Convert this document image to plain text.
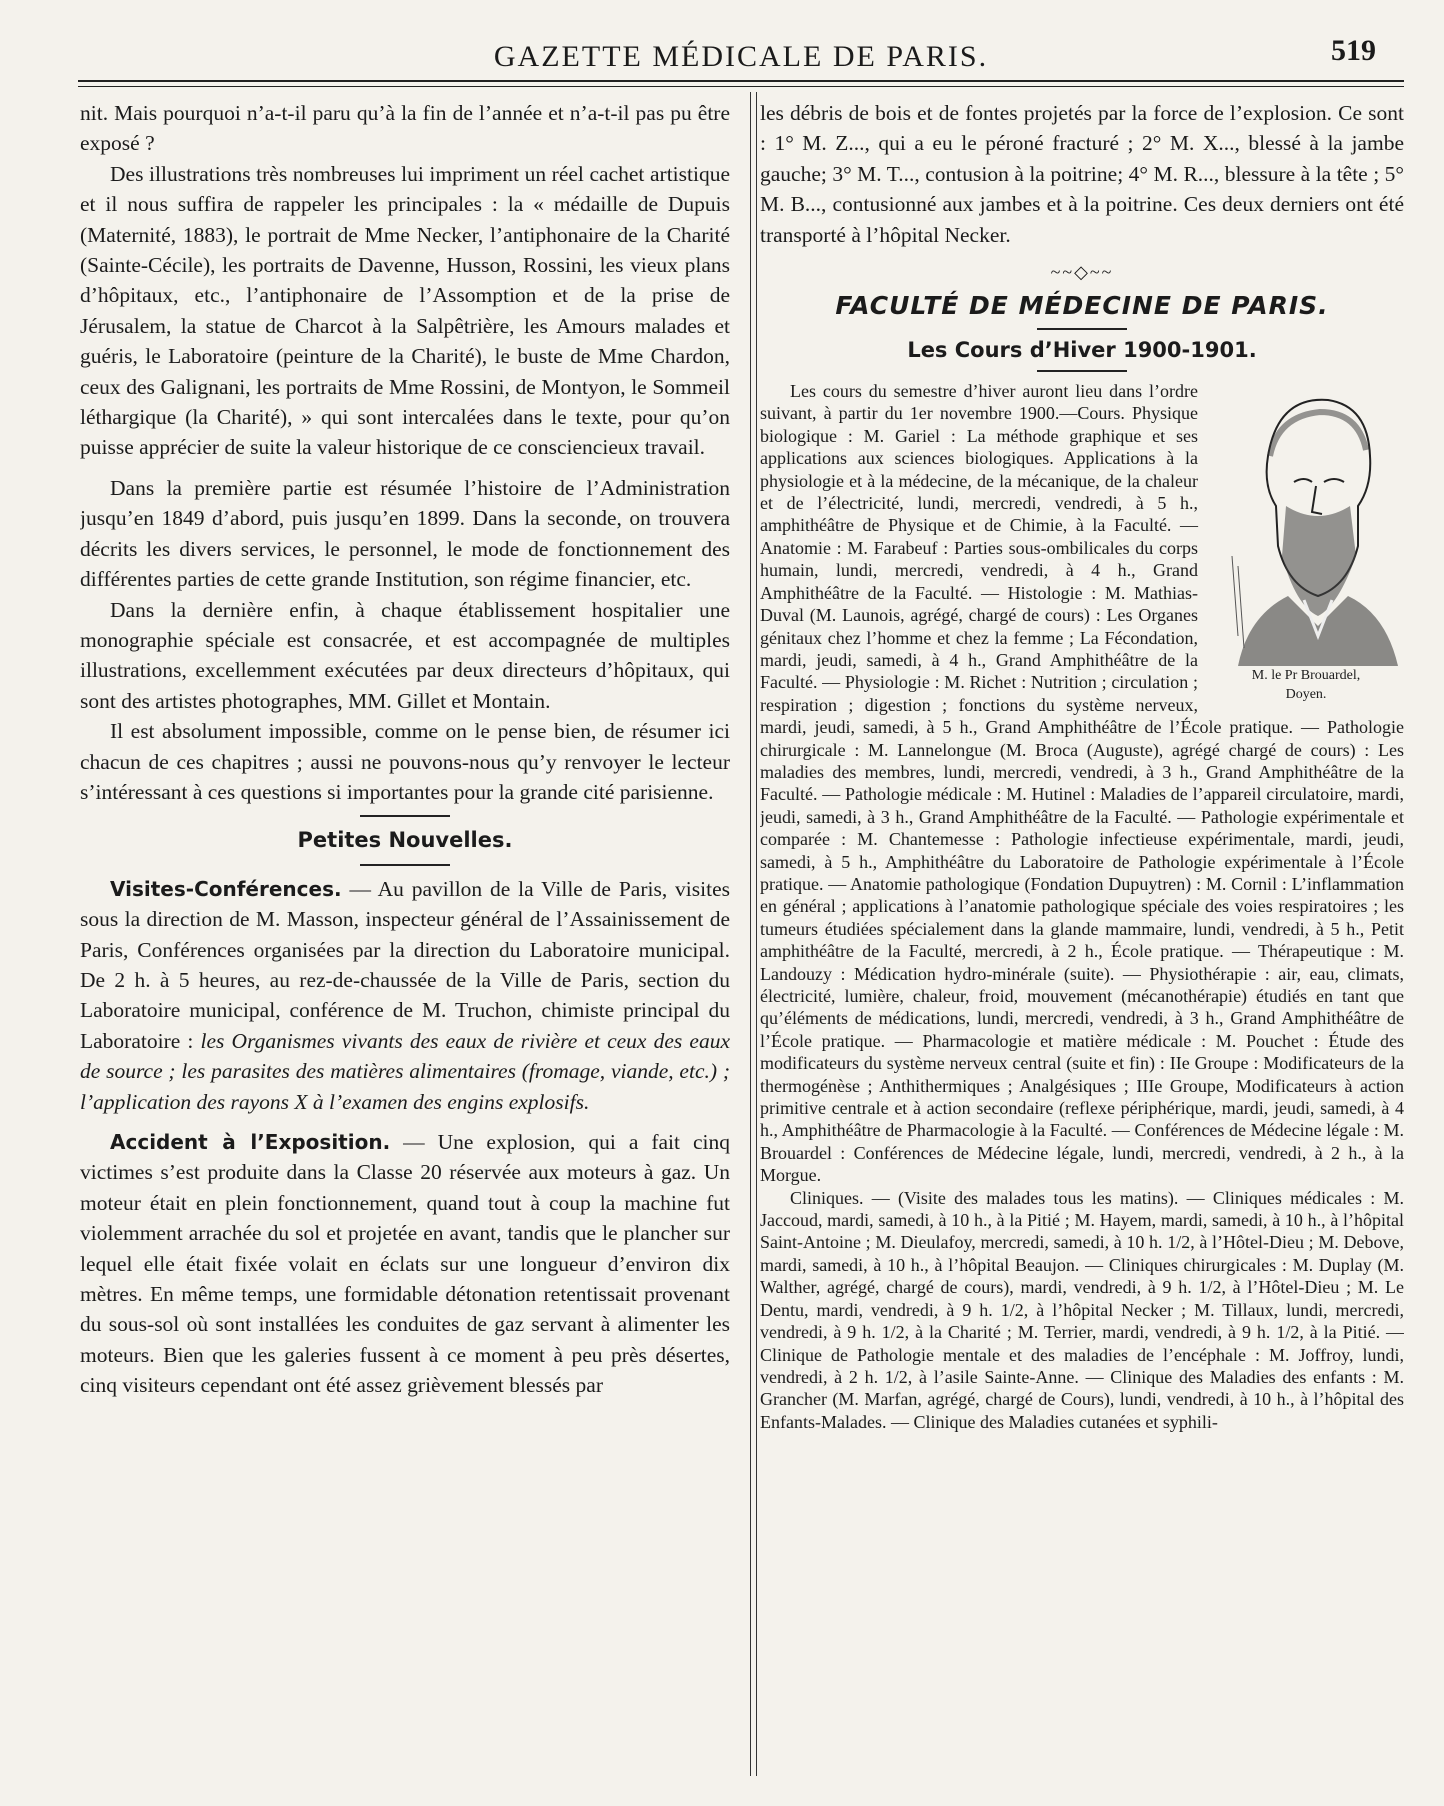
GAZETTE MÉDICALE DE PARIS.	519

nit. Mais pourquoi n’a-t-il paru qu’à la fin de l’année et n’a-t-il pas pu être exposé ?

Des illustrations très nombreuses lui impriment un réel cachet artistique et il nous suffira de rappeler les principales : la « médaille de Dupuis (Maternité, 1883), le portrait de Mme Necker, l’antiphonaire de la Charité (Sainte-Cécile), les portraits de Davenne, Husson, Rossini, les vieux plans d’hôpitaux, etc., l’antiphonaire de l’Assomption et de la prise de Jérusalem, la statue de Charcot à la Salpêtrière, les Amours malades et guéris, le Laboratoire (peinture de la Charité), le buste de Mme Chardon, ceux des Galignani, les portraits de Mme Rossini, de Montyon, le Sommeil léthargique (la Charité), » qui sont intercalées dans le texte, pour qu’on puisse apprécier de suite la valeur historique de ce consciencieux travail.

Dans la première partie est résumée l’histoire de l’Administration jusqu’en 1849 d’abord, puis jusqu’en 1899. Dans la seconde, on trouvera décrits les divers services, le personnel, le mode de fonctionnement des différentes parties de cette grande Institution, son régime financier, etc.

Dans la dernière enfin, à chaque établissement hospitalier une monographie spéciale est consacrée, et est accompagnée de multiples illustrations, excellemment exécutées par deux directeurs d’hôpitaux, qui sont des artistes photographes, MM. Gillet et Montain.

Il est absolument impossible, comme on le pense bien, de résumer ici chacun de ces chapitres ; aussi ne pouvons-nous qu’y renvoyer le lecteur s’intéressant à ces questions si importantes pour la grande cité parisienne.

Petites Nouvelles.

Visites-Conférences. — Au pavillon de la Ville de Paris, visites sous la direction de M. Masson, inspecteur général de l’Assainissement de Paris, Conférences organisées par la direction du Laboratoire municipal. De 2 h. à 5 heures, au rez-de-chaussée de la Ville de Paris, section du Laboratoire municipal, conférence de M. Truchon, chimiste principal du Laboratoire : les Organismes vivants des eaux de rivière et ceux des eaux de source ; les parasites des matières alimentaires (fromage, viande, etc.) ; l’application des rayons X à l’examen des engins explosifs.

Accident à l’Exposition. — Une explosion, qui a fait cinq victimes s’est produite dans la Classe 20 réservée aux moteurs à gaz. Un moteur était en plein fonctionnement, quand tout à coup la machine fut violemment arrachée du sol et projetée en avant, tandis que le plancher sur lequel elle était fixée volait en éclats sur une longueur d’environ dix mètres. En même temps, une formidable détonation retentissait provenant du sous-sol où sont installées les conduites de gaz servant à alimenter les moteurs. Bien que les galeries fussent à ce moment à peu près désertes, cinq visiteurs cependant ont été assez grièvement blessés par

les débris de bois et de fontes projetés par la force de l’explosion. Ce sont : 1° M. Z..., qui a eu le péroné fracturé ; 2° M. X..., blessé à la jambe gauche; 3° M. T..., contusion à la poitrine; 4° M. R..., blessure à la tête ; 5° M. B..., contusionné aux jambes et à la poitrine. Ces deux derniers ont été transporté à l’hôpital Necker.

~~◇~~
FACULTÉ DE MÉDECINE DE PARIS.
Les Cours d’Hiver 1900-1901.
M. le Pr Brouardel,
Doyen.

Les cours du semestre d’hiver auront lieu dans l’ordre suivant, à partir du 1er novembre 1900.—Cours. Physique biologique : M. Gariel : La méthode graphique et ses applications aux sciences biologiques. Applications à la physiologie et à la médecine, de la mécanique, de la chaleur et de l’électricité, lundi, mercredi, vendredi, à 5 h., amphithéâtre de Physique et de Chimie, à la Faculté. — Anatomie : M. Farabeuf : Parties sous-ombilicales du corps humain, lundi, mercredi, vendredi, à 4 h., Grand Amphithéâtre de la Faculté. — Histologie : M. Mathias-Duval (M. Launois, agrégé, chargé de cours) : Les Organes génitaux chez l’homme et chez la femme ; La Fécondation, mardi, jeudi, samedi, à 4 h., Grand Amphithéâtre de la Faculté. — Physiologie : M. Richet : Nutrition ; circulation ; respiration ; digestion ; fonctions du système nerveux, mardi, jeudi, samedi, à 5 h., Grand Amphithéâtre de l’École pratique. — Pathologie chirurgicale : M. Lannelongue (M. Broca (Auguste), agrégé chargé de cours) : Les maladies des membres, lundi, mercredi, vendredi, à 3 h., Grand Amphithéâtre de la Faculté. — Pathologie médicale : M. Hutinel : Maladies de l’appareil circulatoire, mardi, jeudi, samedi, à 3 h., Grand Amphithéâtre de la Faculté. — Pathologie expérimentale et comparée : M. Chantemesse : Pathologie infectieuse expérimentale, mardi, jeudi, samedi, à 5 h., Amphithéâtre du Laboratoire de Pathologie expérimentale à l’École pratique. — Anatomie pathologique (Fondation Dupuytren) : M. Cornil : L’inflammation en général ; applications à l’anatomie pathologique spéciale des voies respiratoires ; les tumeurs étudiées spécialement dans la glande mammaire, lundi, vendredi, à 5 h., Petit amphithéâtre de la Faculté, mercredi, à 2 h., École pratique. — Thérapeutique : M. Landouzy : Médication hydro-minérale (suite). — Physiothérapie : air, eau, climats, électricité, lumière, chaleur, froid, mouvement (mécanothérapie) étudiés en tant que qu’éléments de médications, lundi, mercredi, vendredi, à 3 h., Grand Amphithéâtre de l’École pratique. — Pharmacologie et matière médicale : M. Pouchet : Étude des modificateurs du système nerveux central (suite et fin) : IIe Groupe : Modificateurs de la thermogénèse ; Anthithermiques ; Analgésiques ; IIIe Groupe, Modificateurs à action primitive centrale et à action secondaire (reflexe périphérique, mardi, jeudi, samedi, à 4 h., Amphithéâtre de Pharmacologie à la Faculté. — Conférences de Médecine légale : M. Brouardel : Conférences de Médecine légale, lundi, mercredi, vendredi, à 2 h., à la Morgue.

Cliniques. — (Visite des malades tous les matins). — Cliniques médicales : M. Jaccoud, mardi, samedi, à 10 h., à la Pitié ; M. Hayem, mardi, samedi, à 10 h., à l’hôpital Saint-Antoine ; M. Dieulafoy, mercredi, samedi, à 10 h. 1/2, à l’Hôtel-Dieu ; M. Debove, mardi, samedi, à 10 h., à l’hôpital Beaujon. — Cliniques chirurgicales : M. Duplay (M. Walther, agrégé, chargé de cours), mardi, vendredi, à 9 h. 1/2, à l’Hôtel-Dieu ; M. Le Dentu, mardi, vendredi, à 9 h. 1/2, à l’hôpital Necker ; M. Tillaux, lundi, mercredi, vendredi, à 9 h. 1/2, à la Charité ; M. Terrier, mardi, vendredi, à 9 h. 1/2, à la Pitié. — Clinique de Pathologie mentale et des maladies de l’encéphale : M. Joffroy, lundi, vendredi, à 2 h. 1/2, à l’asile Sainte-Anne. — Clinique des Maladies des enfants : M. Grancher (M. Marfan, agrégé, chargé de Cours), lundi, vendredi, à 10 h., à l’hôpital des Enfants-Malades. — Clinique des Maladies cutanées et syphili-
